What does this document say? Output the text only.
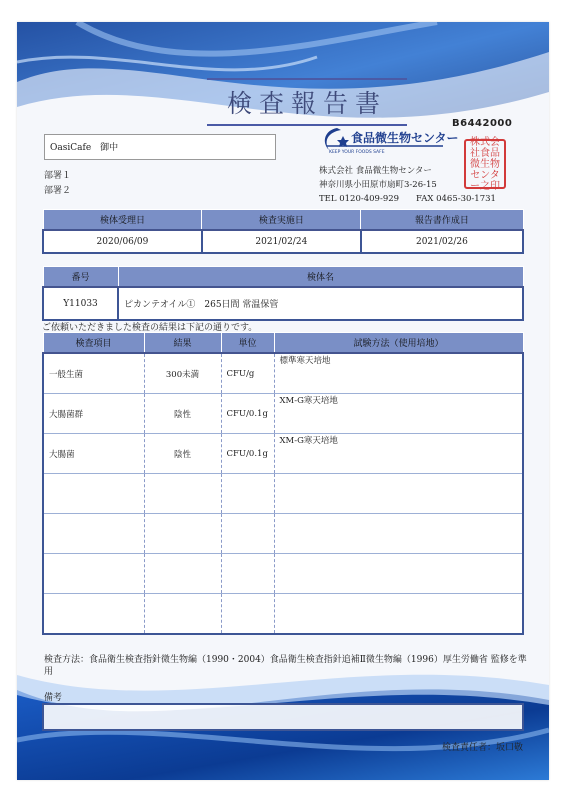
検査報告書
B6442000
OasiCafe　御中
部署１
部署２
食品微生物センター
KEEP YOUR FOODS SAFE
株式会社 食品微生物センター
神奈川県小田原市扇町3-26-15
TEL 0120-409-929　　FAX 0465-30-1731
株式会社食品微生物センター之印
検体受理日	検査実施日	報告書作成日
2020/06/09	2021/02/24	2021/02/26
番号	検体名
Y11033	ピカンテオイル①　265日間 常温保管
ご依頼いただきました検査の結果は下記の通りです。
検査項目	結果	単位	試験方法（使用培地）
一般生菌	300未満	CFU/g	標準寒天培地
大腸菌群	陰性	CFU/0.1g	XM-G寒天培地
大腸菌	陰性	CFU/0.1g	XM-G寒天培地

検査方法：食品衛生検査指針微生物編（1990・2004）食品衛生検査指針追補Ⅱ微生物編（1996）厚生労働省 監修を準用
備考
検査責任者：坂口敬
